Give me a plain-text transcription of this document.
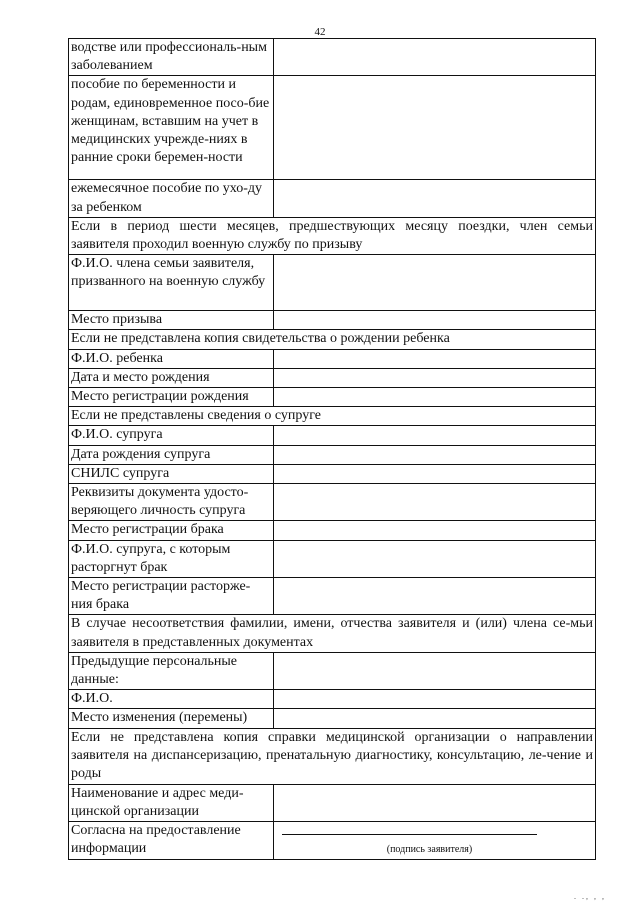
42
водстве или профессиональ-ным заболеванием	
пособие по беременности и родам, единовременное посо-бие женщинам, вставшим на учет в медицинских учрежде-ниях в ранние сроки беремен-ности	
ежемесячное пособие по ухо-ду за ребенком	
Если в период шести месяцев, предшествующих месяцу поездки, член семьи заявителя проходил военную службу по призыву	
Ф.И.О. члена семьи заявителя, призванного на военную службу	
Место призыва	
Если не представлена копия свидетельства о рождении ребенка	
Ф.И.О. ребенка	
Дата и место рождения	
Место регистрации рождения	
Если не представлены сведения о супруге	
Ф.И.О. супруга	
Дата рождения супруга	
СНИЛС супруга	
Реквизиты документа удосто-веряющего личность супруга	
Место регистрации брака	
Ф.И.О. супруга, с которым расторгнут брак	
Место регистрации расторже-ния брака	
В случае несоответствия фамилии, имени, отчества заявителя и (или) члена се-мьи заявителя в представленных документах	
Предыдущие персональные данные:	
Ф.И.О.	
Место изменения (перемены)	
Если не представлена копия справки медицинской организации о направлении заявителя на диспансеризацию, пренатальную диагностику, консультацию, ле-чение и роды	
Наименование и адрес меди-цинской организации	
Согласна на предоставление информации	(подпись заявителя)
. ., , ,
